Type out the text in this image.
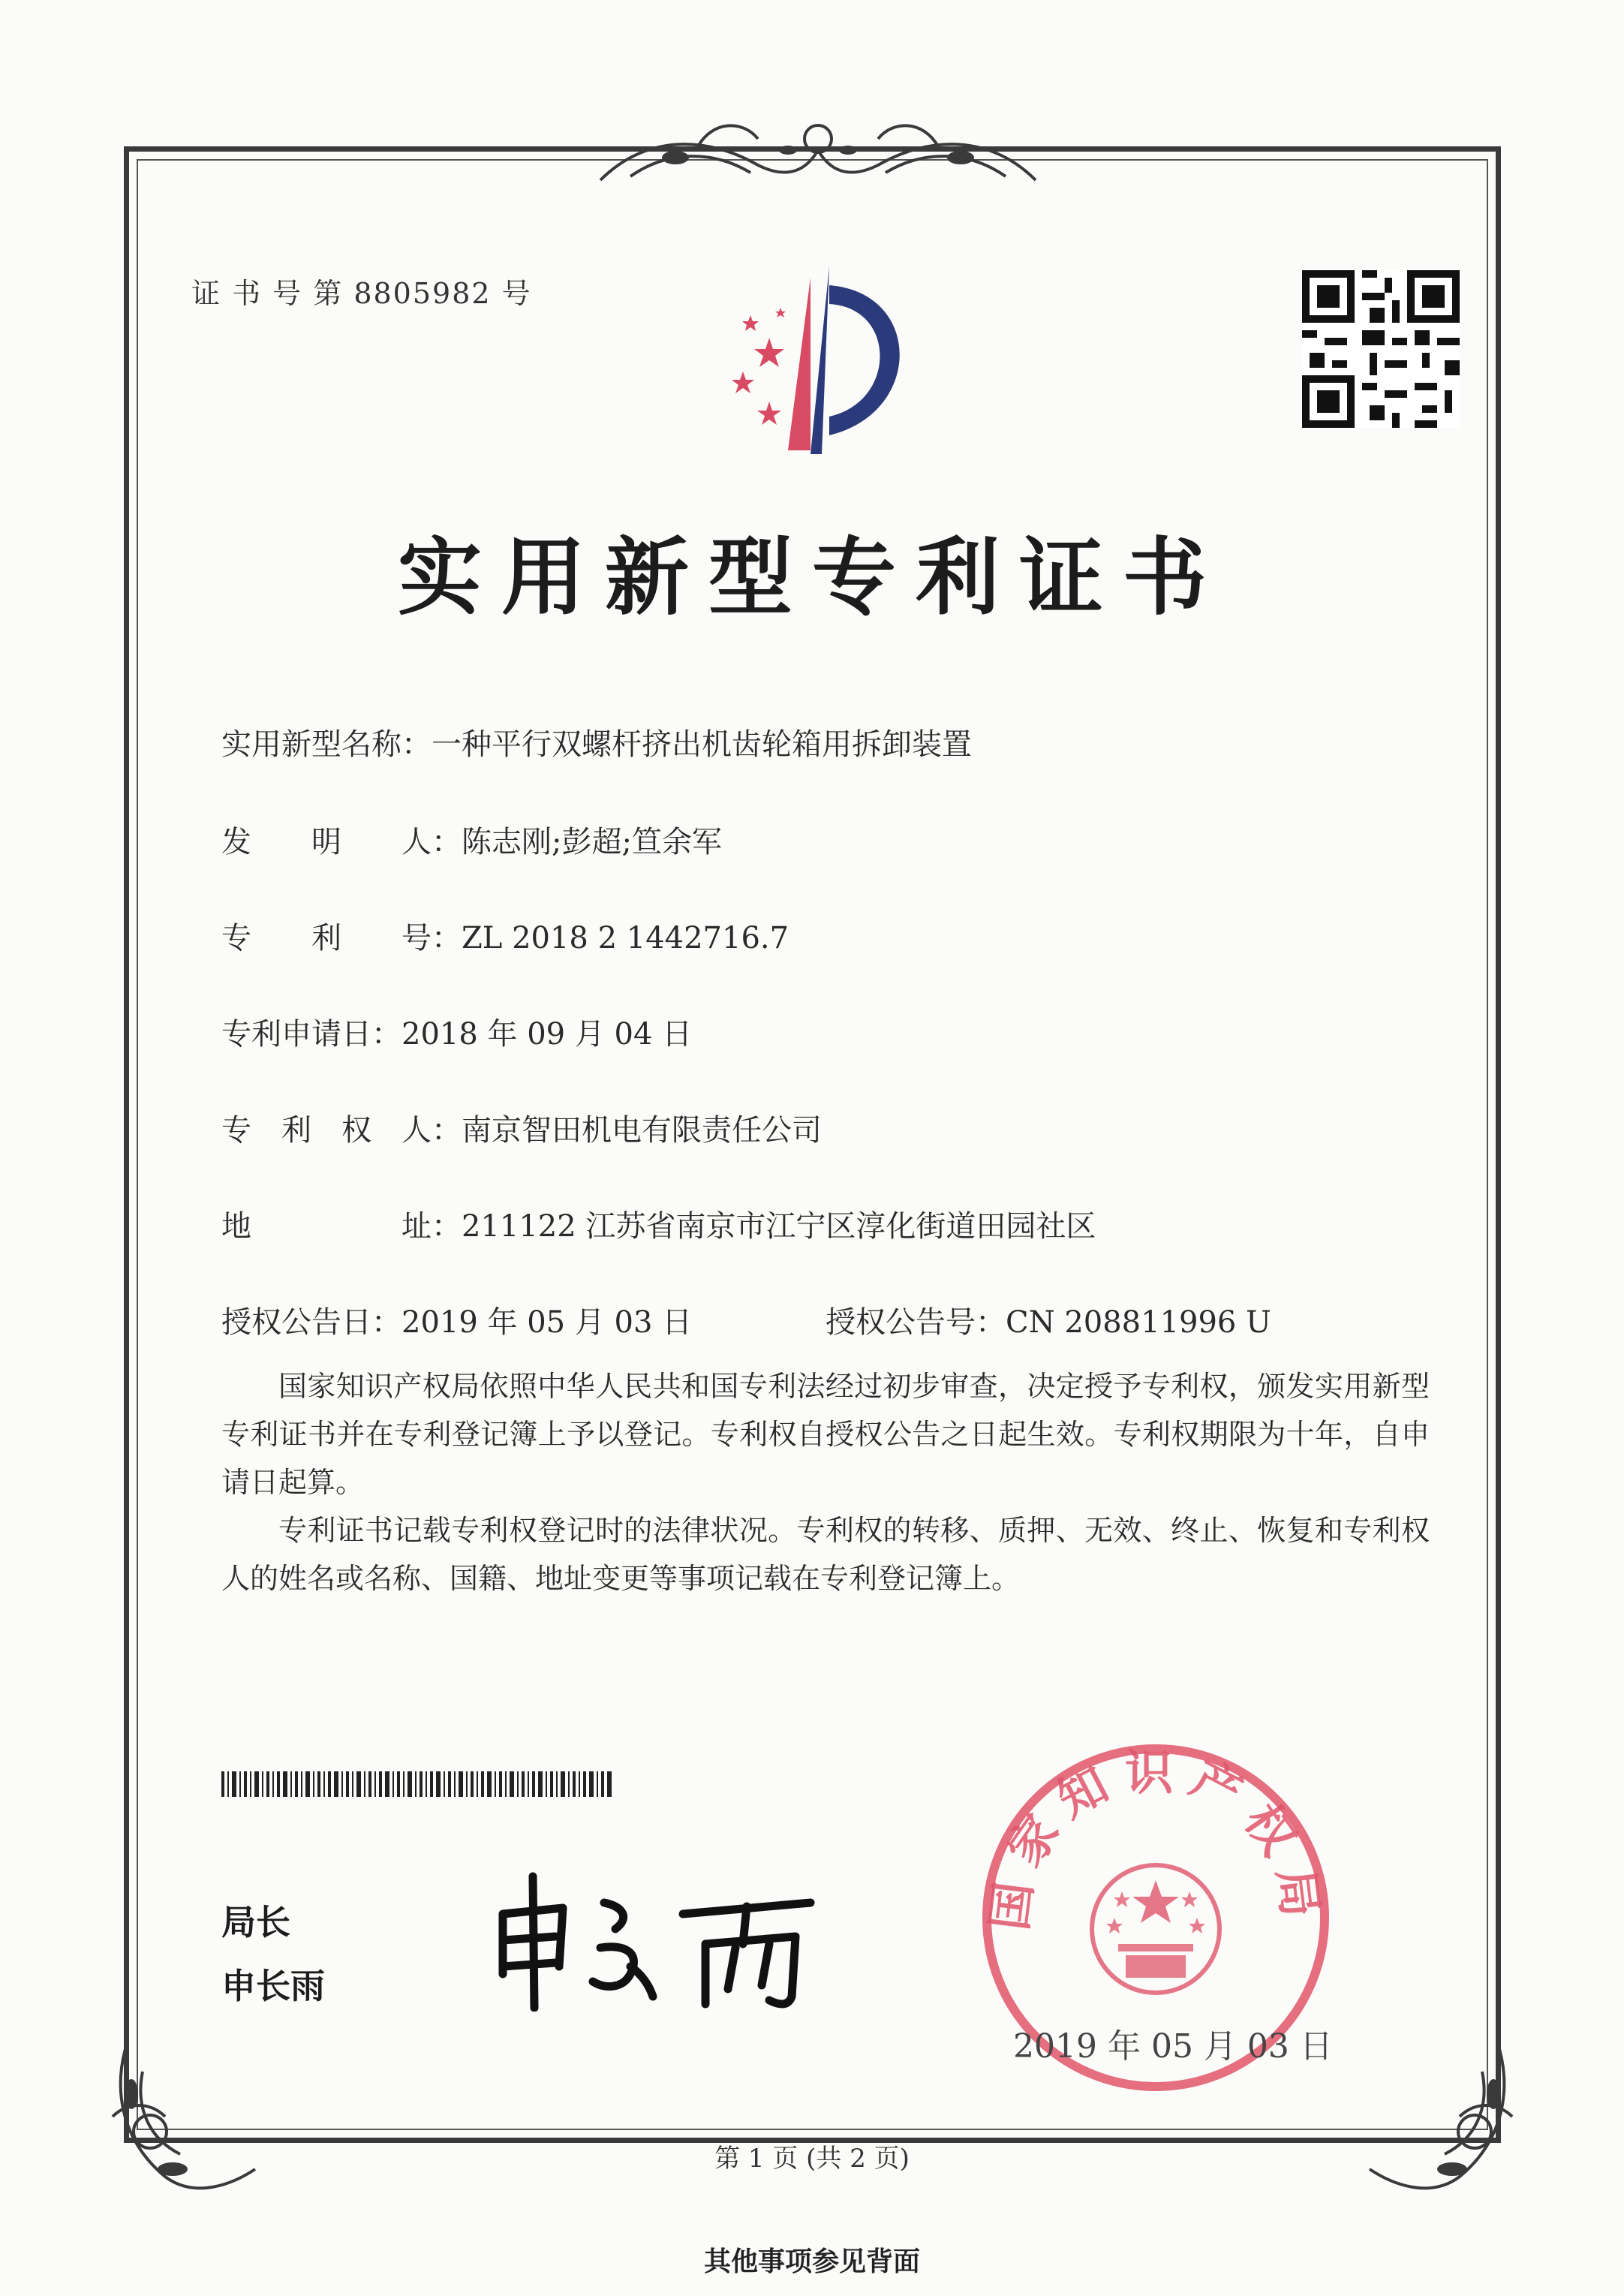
证 书 号 第 8805982 号
实用新型专利证书
实用新型名称：一种平行双螺杆挤出机齿轮箱用拆卸装置
发　　明　　人：陈志刚;彭超;笪余军
专　　利　　号：ZL 2018 2 1442716.7
专利申请日：2018 年 09 月 04 日
专　利　权　人：南京智田机电有限责任公司
地　　　　　址：211122 江苏省南京市江宁区淳化街道田园社区
授权公告日：2019 年 05 月 03 日	授权公告号：CN 208811996 U
国家知识产权局依照中华人民共和国专利法经过初步审查，决定授予专利权，颁发实用新型专利证书并在专利登记簿上予以登记。专利权自授权公告之日起生效。专利权期限为十年，自申请日起算。
专利证书记载专利权登记时的法律状况。专利权的转移、质押、无效、终止、恢复和专利权人的姓名或名称、国籍、地址变更等事项记载在专利登记簿上。
局长
申长雨
国家知识产权局
2019 年 05 月 03 日
第 1 页 (共 2 页)
其他事项参见背面
